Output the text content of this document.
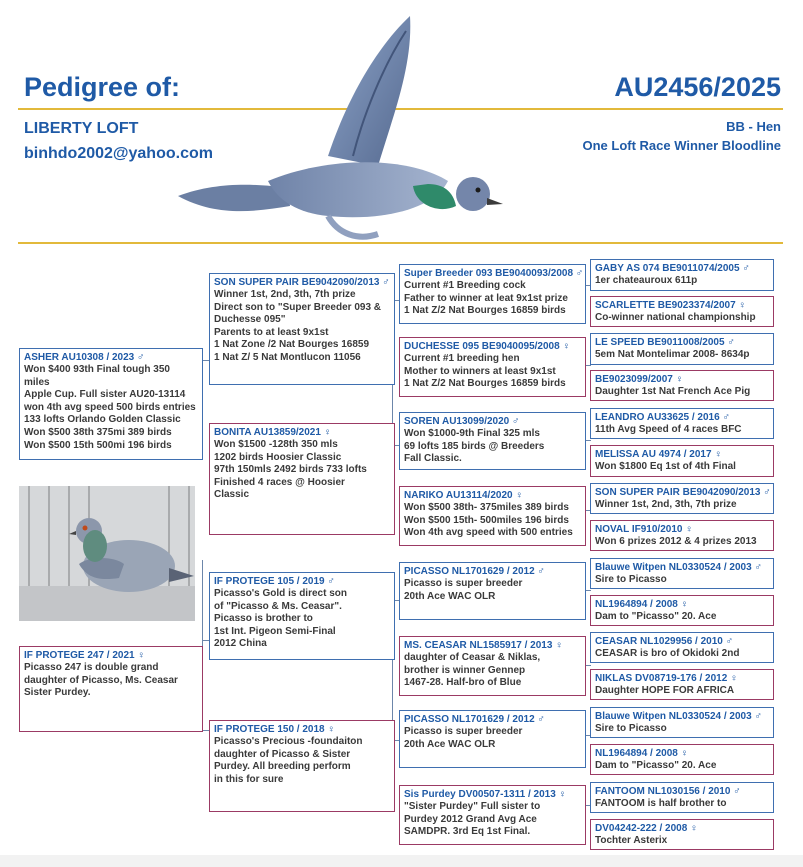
Pedigree of:	AU2456/2025
LIBERTY LOFT
binhdo2002@yahoo.com
BB - Hen
One Loft Race Winner Bloodline
IF PROTEGE 247 / 2021 ♀
Picasso 247 is double grand
daughter of Picasso, Ms. Ceasar
Sister Purdey.
ASHER AU10308 / 2023 ♂
Won $400 93th Final tough 350 miles
Apple Cup. Full sister AU20-13114
won 4th avg speed 500 birds entries
133 lofts Orlando Golden Classic
Won $500 38th 375mi 389 birds
Won $500 15th 500mi 196 birds
SON SUPER PAIR BE9042090/2013 ♂
Winner 1st, 2nd, 3th, 7th prize
Direct son to "Super Breeder 093 &
Duchesse 095"
Parents to at least 9x1st
1 Nat Zone /2 Nat Bourges 16859
1 Nat Z/ 5 Nat Montlucon 11056
BONITA AU13859/2021 ♀
Won $1500 -128th 350 mls
1202 birds Hoosier Classic
97th 150mls 2492 birds 733 lofts
Finished 4 races @ Hoosier
Classic
IF PROTEGE 105 / 2019 ♂
Picasso's Gold is direct son
of "Picasso & Ms. Ceasar".
Picasso is brother to
1st Int. Pigeon Semi-Final
2012 China
IF PROTEGE 150 / 2018 ♀
Picasso's Precious -foundaiton
daughter of Picasso & Sister
Purdey. All breeding perform
in this for sure
Super Breeder 093 BE9040093/2008 ♂
Current #1 Breeding cock
Father to winner at leat 9x1st prize
1 Nat Z/2 Nat Bourges 16859 birds
DUCHESSE 095 BE9040095/2008 ♀
Current #1 breeding hen
Mother to winners at least 9x1st
1 Nat Z/2 Nat Bourges 16859 birds
SOREN AU13099/2020 ♂
Won $1000-9th Final 325 mls
69 lofts 185 birds @ Breeders
Fall Classic.
NARIKO AU13114/2020 ♀
Won $500 38th- 375miles 389 birds
Won $500 15th- 500miles 196 birds
Won 4th avg speed with 500 entries
PICASSO NL1701629 / 2012 ♂
Picasso is super breeder
20th Ace WAC OLR
MS. CEASAR NL1585917 / 2013 ♀
daughter of Ceasar & Niklas,
brother is winner Gennep
1467-28. Half-bro of Blue
PICASSO NL1701629 / 2012 ♂
Picasso is super breeder
20th Ace WAC OLR
Sis Purdey DV00507-1311 / 2013 ♀
"Sister Purdey" Full sister to
Purdey 2012 Grand Avg Ace
SAMDPR. 3rd Eq 1st Final.
GABY AS 074 BE9011074/2005 ♂
1er chateauroux 611p
SCARLETTE BE9023374/2007 ♀
Co-winner national championship
LE SPEED BE9011008/2005 ♂
5em Nat Montelimar 2008- 8634p
BE9023099/2007 ♀
Daughter 1st Nat French Ace Pig
LEANDRO AU33625 / 2016 ♂
11th Avg Speed of 4 races BFC
MELISSA AU 4974 / 2017 ♀
Won $1800 Eq 1st of 4th Final
SON SUPER PAIR BE9042090/2013 ♂
Winner 1st, 2nd, 3th, 7th prize
NOVAL IF910/2010 ♀
Won 6 prizes 2012 & 4 prizes 2013
Blauwe Witpen NL0330524 / 2003 ♂
Sire to Picasso
NL1964894 / 2008 ♀
Dam to "Picasso" 20. Ace
CEASAR NL1029956 / 2010 ♂
CEASAR is bro of Okidoki 2nd
NIKLAS DV08719-176 / 2012 ♀
Daughter HOPE FOR AFRICA
Blauwe Witpen NL0330524 / 2003 ♂
Sire to Picasso
NL1964894 / 2008 ♀
Dam to "Picasso" 20. Ace
FANTOOM NL1030156 / 2010 ♂
FANTOOM is half brother to
DV04242-222 / 2008 ♀
Tochter Asterix
